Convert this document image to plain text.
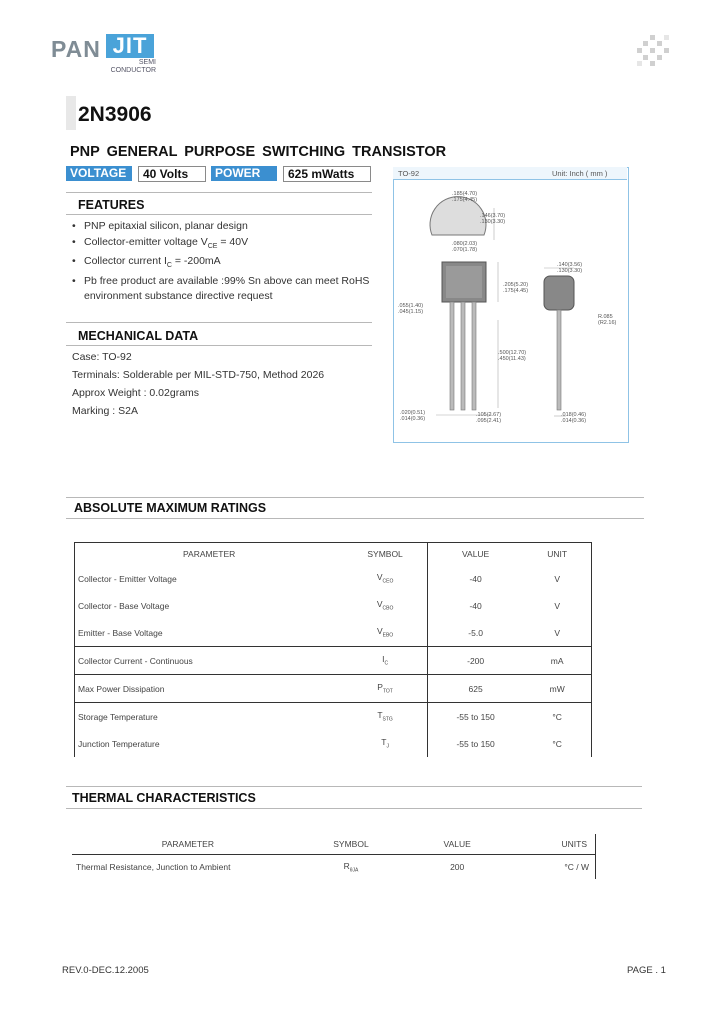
PAN JIT
SEMI
CONDUCTOR
2N3906
PNP GENERAL PURPOSE SWITCHING TRANSISTOR
VOLTAGE	40 Volts	POWER	625 mWatts
FEATURES
• PNP epitaxial silicon, planar design
• Collector-emitter voltage $V_{CE} = 40V$
• Collector current $I_C = -200mA$
• Pb free product are available :99% Sn above can meet RoHS environment substance directive request
MECHANICAL DATA
Case: TO-92
Terminals: Solderable per MIL-STD-750, Method 2026
Approx Weight : 0.02grams
Marking : S2A
TO-92	Unit: Inch ( mm )
.185(4.70) .175(4.45)
.146(3.70) .130(3.30)
.080(2.03) .070(1.78)
.205(5.20) .175(4.45)
.055(1.40) .045(1.15)
.500(12.70) .450(11.43)
.020(0.51) .014(0.36)
.105(2.67) .095(2.41)
.140(3.56) .130(3.30)
R.085 (R2.16)
.018(0.46) .014(0.36)
ABSOLUTE MAXIMUM RATINGS
PARAMETER	SYMBOL	VALUE	UNIT
Collector - Emitter Voltage	$V_{CEO}$	-40	V
Collector - Base Voltage	$V_{CBO}$	-40	V
Emitter - Base Voltage	$V_{EBO}$	-5.0	V
Collector Current - Continuous	$I_C$	-200	mA
Max Power Dissipation	$P_{TOT}$	625	mW
Storage Temperature	$T_{STG}$	-55 to 150	°C
Junction Temperature	$T_J$	-55 to 150	°C
THERMAL CHARACTERISTICS
PARAMETER	SYMBOL	VALUE	UNITS
Thermal Resistance, Junction to Ambient	$R_{\theta JA}$	200	°C / W
REV.0-DEC.12.2005	PAGE . 1
